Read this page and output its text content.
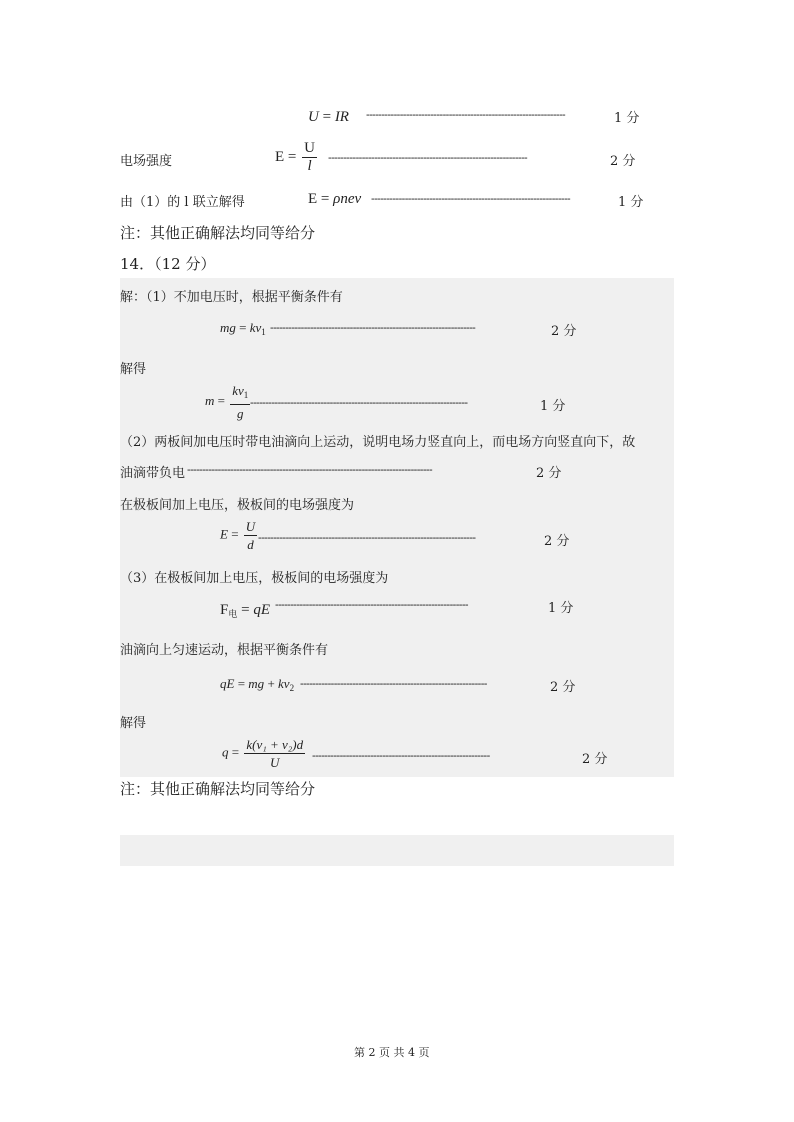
U = IR -----------------------------------------------------------------	1 分
电场强度	$E = \frac{U}{l}$ -----------------------------------------------------------------	2 分
由（1）的 l 联立解得	E = ρnev -----------------------------------------------------------------	1 分
注：其他正确解法均同等给分
14．（12 分）
解：（1）不加电压时，根据平衡条件有
mg = $kv_1$ -------------------------------------------------------------------	2 分
解得
$m = \frac{kv_1}{g}$ -----------------------------------------------------------------------	1 分
（2）两板间加电压时带电油滴向上运动，说明电场力竖直向上，而电场方向竖直向下，故
油滴带负电 --------------------------------------------------------------------------------	2 分
在极板间加上电压，极板间的电场强度为
$E = \frac{U}{d}$ -----------------------------------------------------------------------	2 分
（3）在极板间加上电压，极板间的电场强度为
$F_电$ = qE ---------------------------------------------------------------	1 分
油滴向上匀速运动，根据平衡条件有
qE = mg + $kv_2$ -------------------------------------------------------------	2 分
解得
$q = \frac{\text{k(v₁ + v₂)d}}{U}$ ----------------------------------------------------------	2 分
注：其他正确解法均同等给分
第 2 页 共 4 页
